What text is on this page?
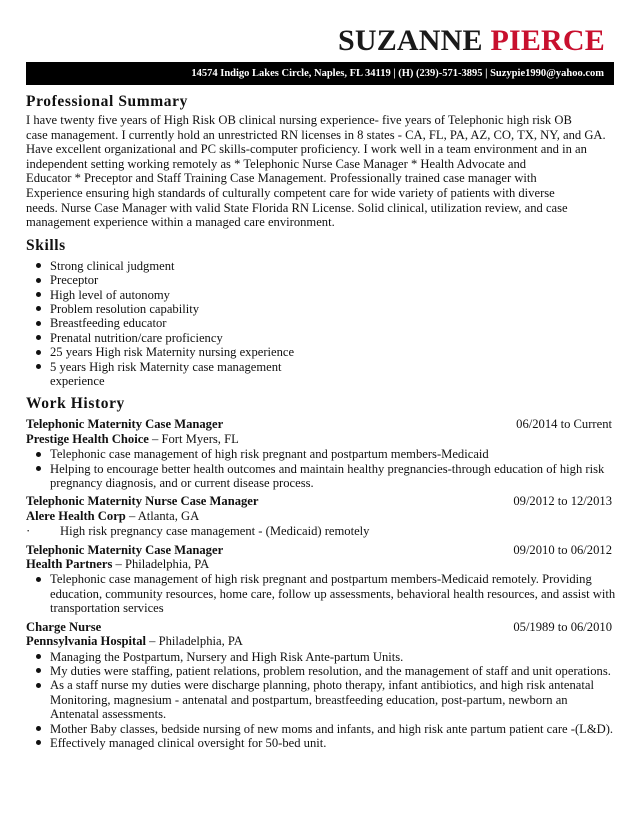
SUZANNE PIERCE
14574 Indigo Lakes Circle, Naples, FL 34119 | (H) (239)-571-3895 | Suzypie1990@yahoo.com
Professional Summary
I have twenty five years of High Risk OB clinical nursing experience- five years of Telephonic high risk OB
case management. I currently hold an unrestricted RN licenses in 8 states - CA, FL, PA, AZ, CO, TX, NY, and GA.
Have excellent organizational and PC skills-computer proficiency. I work well in a team environment and in an
independent setting working remotely as * Telephonic Nurse Case Manager * Health Advocate and
Educator * Preceptor and Staff Training Case Management. Professionally trained case manager with
Experience ensuring high standards of culturally competent care for wide variety of patients with diverse
needs. Nurse Case Manager with valid State Florida RN License. Solid clinical, utilization review, and case
management experience within a managed care environment.
Skills
Strong clinical judgment
Preceptor
High level of autonomy
Problem resolution capability
Breastfeeding educator
Prenatal nutrition/care proficiency
25 years High risk Maternity nursing experience
5 years High risk Maternity case management experience
Work History
Telephonic Maternity Case Manager	06/2014 to Current
Prestige Health Choice – Fort Myers, FL
Telephonic case management of high risk pregnant and postpartum members-Medicaid
Helping to encourage better health outcomes and maintain healthy pregnancies-through education of high risk pregnancy diagnosis, and or current disease process.
Telephonic Maternity Nurse Case Manager	09/2012 to 12/2013
Alere Health Corp – Atlanta, GA
· High risk pregnancy case management - (Medicaid) remotely
Telephonic Maternity Case Manager	09/2010 to 06/2012
Health Partners – Philadelphia, PA
Telephonic case management of high risk pregnant and postpartum members-Medicaid remotely. Providing education, community resources, home care, follow up assessments, behavioral health resources, and assist with transportation services
Charge Nurse	05/1989 to 06/2010
Pennsylvania Hospital – Philadelphia, PA
Managing the Postpartum, Nursery and High Risk Ante-partum Units.
My duties were staffing, patient relations, problem resolution, and the management of staff and unit operations.
As a staff nurse my duties were discharge planning, photo therapy, infant antibiotics, and high risk antenatal Monitoring, magnesium - antenatal and postpartum, breastfeeding education, post-partum, newborn an Antenatal assessments.
Mother Baby classes, bedside nursing of new moms and infants, and high risk ante partum patient care -(L&D).
Effectively managed clinical oversight for 50-bed unit.
